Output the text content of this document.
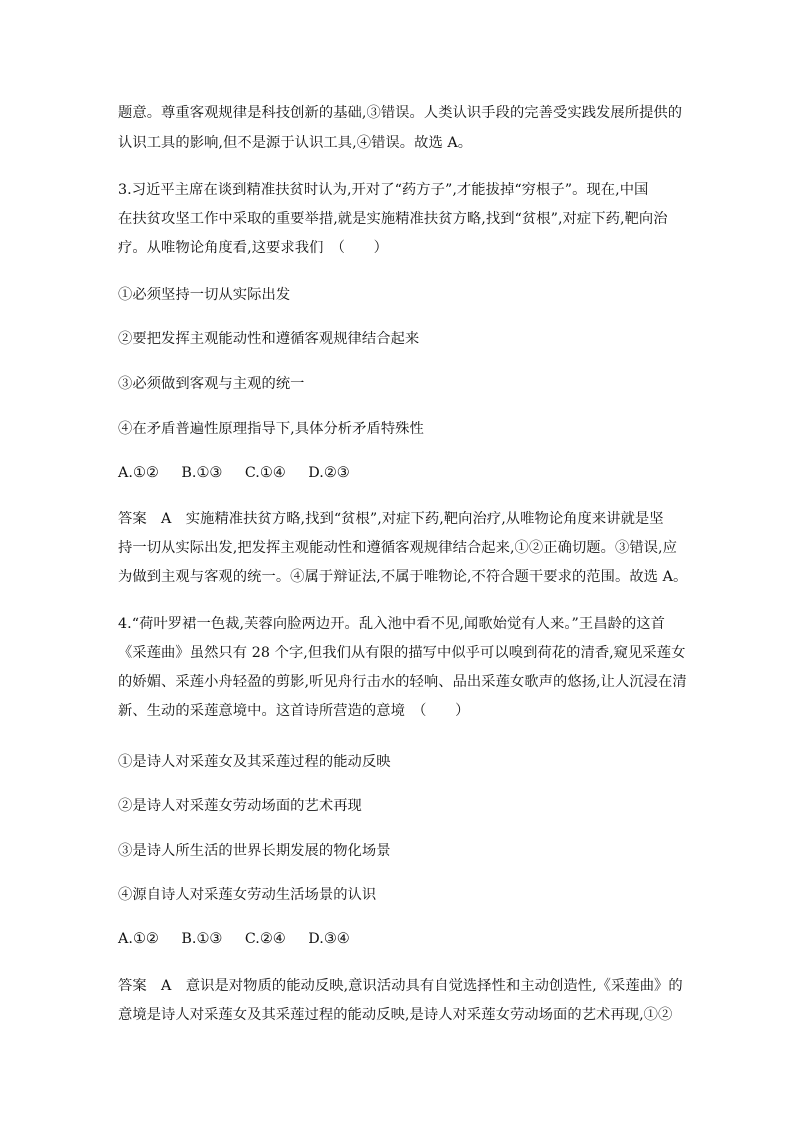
题意。尊重客观规律是科技创新的基础,③错误。人类认识手段的完善受实践发展所提供的
认识工具的影响,但不是源于认识工具,④错误。故选 A。
3.习近平主席在谈到精准扶贫时认为,开对了“药方子”,才能拔掉“穷根子”。现在,中国
在扶贫攻坚工作中采取的重要举措,就是实施精准扶贫方略,找到“贫根”,对症下药,靶向治
疗。从唯物论角度看,这要求我们　（　　）
①必须坚持一切从实际出发
②要把发挥主观能动性和遵循客观规律结合起来
③必须做到客观与主观的统一
④在矛盾普遍性原理指导下,具体分析矛盾特殊性
A.①② B.①③ C.①④ D.②③
答案　A　实施精准扶贫方略,找到“贫根”,对症下药,靶向治疗,从唯物论角度来讲就是坚
持一切从实际出发,把发挥主观能动性和遵循客观规律结合起来,①②正确切题。③错误,应
为做到主观与客观的统一。④属于辩证法,不属于唯物论,不符合题干要求的范围。故选 A。
4.“荷叶罗裙一色裁,芙蓉向脸两边开。乱入池中看不见,闻歌始觉有人来。”王昌龄的这首
《采莲曲》虽然只有 28 个字,但我们从有限的描写中似乎可以嗅到荷花的清香,窥见采莲女
的娇媚、采莲小舟轻盈的剪影,听见舟行击水的轻响、品出采莲女歌声的悠扬,让人沉浸在清
新、生动的采莲意境中。这首诗所营造的意境　（　　）
①是诗人对采莲女及其采莲过程的能动反映
②是诗人对采莲女劳动场面的艺术再现
③是诗人所生活的世界长期发展的物化场景
④源自诗人对采莲女劳动生活场景的认识
A.①② B.①③ C.②④ D.③④
答案　A　意识是对物质的能动反映,意识活动具有自觉选择性和主动创造性,《采莲曲》的
意境是诗人对采莲女及其采莲过程的能动反映,是诗人对采莲女劳动场面的艺术再现,①②
